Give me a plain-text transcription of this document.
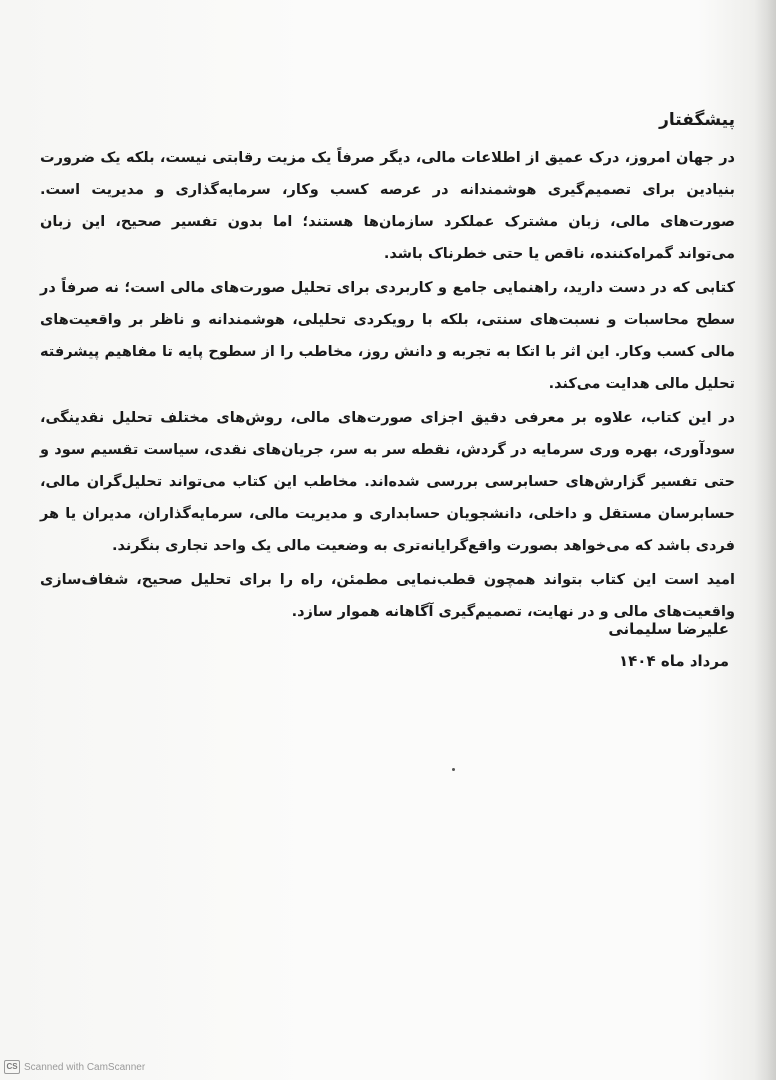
پیشگفتار

در جهان امروز، درک عمیق از اطلاعات مالی، دیگر صرفاً یک مزیت رقابتی نیست، بلکه یک ضرورت بنیادین برای تصمیم‌گیری هوشمندانه در عرصه کسب وکار، سرمایه‌گذاری و مدیریت است. صورت‌های مالی، زبان مشترک عملکرد سازمان‌ها هستند؛ اما بدون تفسیر صحیح، این زبان می‌تواند گمراه‌کننده، ناقص یا حتی خطرناک باشد.

کتابی که در دست دارید، راهنمایی جامع و کاربردی برای تحلیل صورت‌های مالی است؛ نه صرفاً در سطح محاسبات و نسبت‌های سنتی، بلکه با رویکردی تحلیلی، هوشمندانه و ناظر بر واقعیت‌های مالی کسب وکار. این اثر با اتکا به تجربه و دانش روز، مخاطب را از سطوح پایه تا مفاهیم پیشرفته تحلیل مالی هدایت می‌کند.

در این کتاب، علاوه بر معرفی دقیق اجزای صورت‌های مالی، روش‌های مختلف تحلیل نقدینگی، سودآوری، بهره وری سرمایه در گردش، نقطه سر به سر، جریان‌های نقدی، سیاست تقسیم سود و حتی تفسیر گزارش‌های حسابرسی بررسی شده‌اند. مخاطب این کتاب می‌تواند تحلیل‌گران مالی، حسابرسان مستقل و داخلی، دانشجویان حسابداری و مدیریت مالی، سرمایه‌گذاران، مدیران یا هر فردی باشد که می‌خواهد بصورت واقع‌گرایانه‌تری به وضعیت مالی یک واحد تجاری بنگرند.

امید است این کتاب بتواند همچون قطب‌نمایی مطمئن، راه را برای تحلیل صحیح، شفاف‌سازی واقعیت‌های مالی و در نهایت، تصمیم‌گیری آگاهانه هموار سازد.

علیرضا سلیمانی
مرداد ماه ۱۴۰۴
CS Scanned with CamScanner
